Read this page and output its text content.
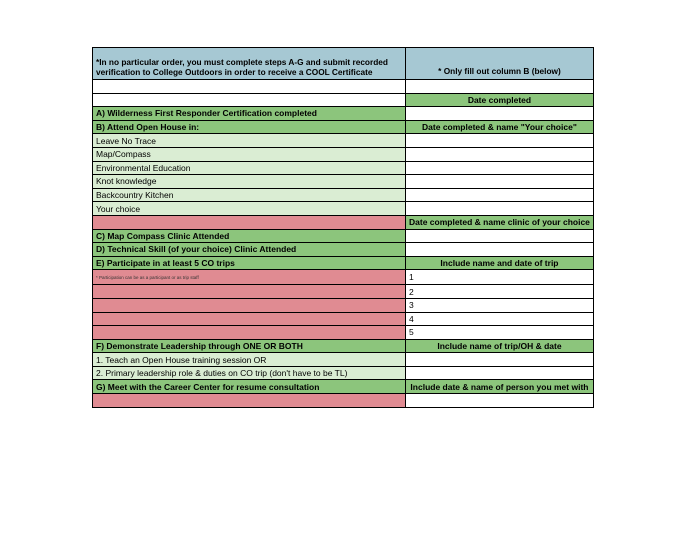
*In no particular order, you must complete steps A-G and submit recorded verification to College Outdoors in order to receive a COOL Certificate	* Only fill out column B (below)

	Date completed
A) Wilderness First Responder Certification completed	
B) Attend Open House in:	Date completed & name "Your choice"
Leave No Trace	
Map/Compass	
Environmental Education	
Knot knowledge	
Backcountry Kitchen	
Your choice	
	Date completed & name clinic of your choice
C) Map Compass Clinic Attended	
D) Technical Skill (of your choice) Clinic Attended	
E) Participate in at least 5 CO trips	Include name and date of trip
* Participation can be as a participant or as trip staff	1
	2
	3
	4
	5
F) Demonstrate Leadership through ONE OR BOTH	Include name of trip/OH & date
1. Teach an Open House training session OR	
2. Primary leadership role & duties on CO trip (don't have to be TL)	
G) Meet with the Career Center for resume consultation	Include date & name of person you met with
